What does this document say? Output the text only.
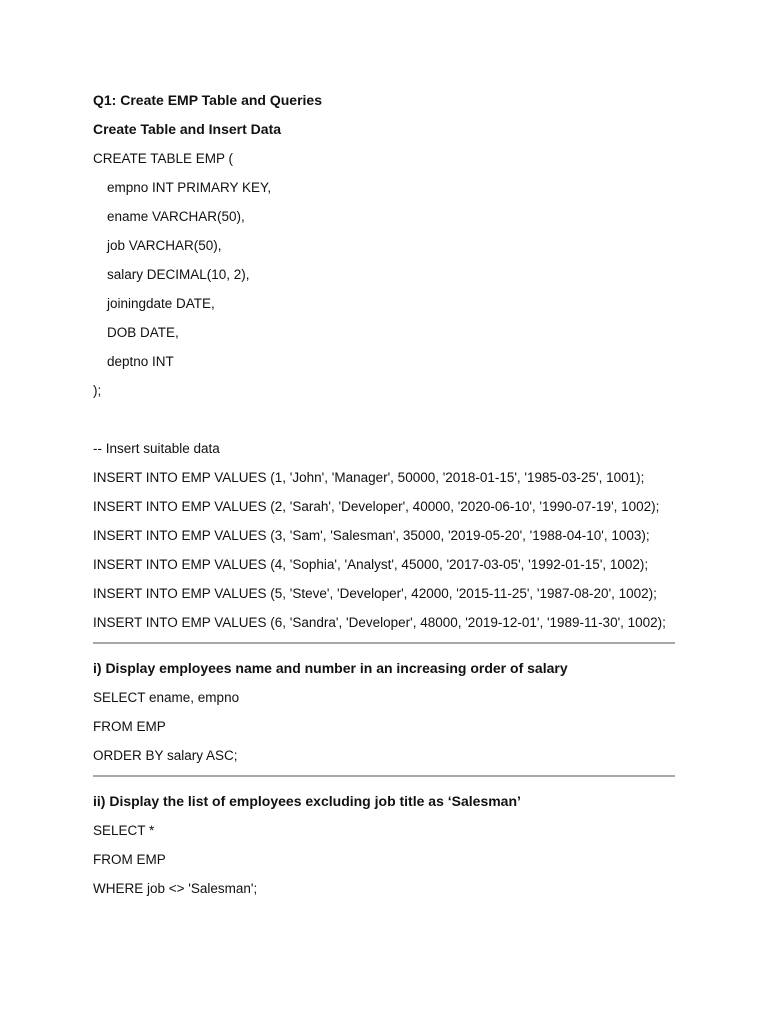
Q1: Create EMP Table and Queries
Create Table and Insert Data
CREATE TABLE EMP (
empno INT PRIMARY KEY,
ename VARCHAR(50),
job VARCHAR(50),
salary DECIMAL(10, 2),
joiningdate DATE,
DOB DATE,
deptno INT
);
-- Insert suitable data
INSERT INTO EMP VALUES (1, 'John', 'Manager', 50000, '2018-01-15', '1985-03-25', 1001);
INSERT INTO EMP VALUES (2, 'Sarah', 'Developer', 40000, '2020-06-10', '1990-07-19', 1002);
INSERT INTO EMP VALUES (3, 'Sam', 'Salesman', 35000, '2019-05-20', '1988-04-10', 1003);
INSERT INTO EMP VALUES (4, 'Sophia', 'Analyst', 45000, '2017-03-05', '1992-01-15', 1002);
INSERT INTO EMP VALUES (5, 'Steve', 'Developer', 42000, '2015-11-25', '1987-08-20', 1002);
INSERT INTO EMP VALUES (6, 'Sandra', 'Developer', 48000, '2019-12-01', '1989-11-30', 1002);
i) Display employees name and number in an increasing order of salary
SELECT ename, empno
FROM EMP
ORDER BY salary ASC;
ii) Display the list of employees excluding job title as ‘Salesman’
SELECT *
FROM EMP
WHERE job <> 'Salesman';
